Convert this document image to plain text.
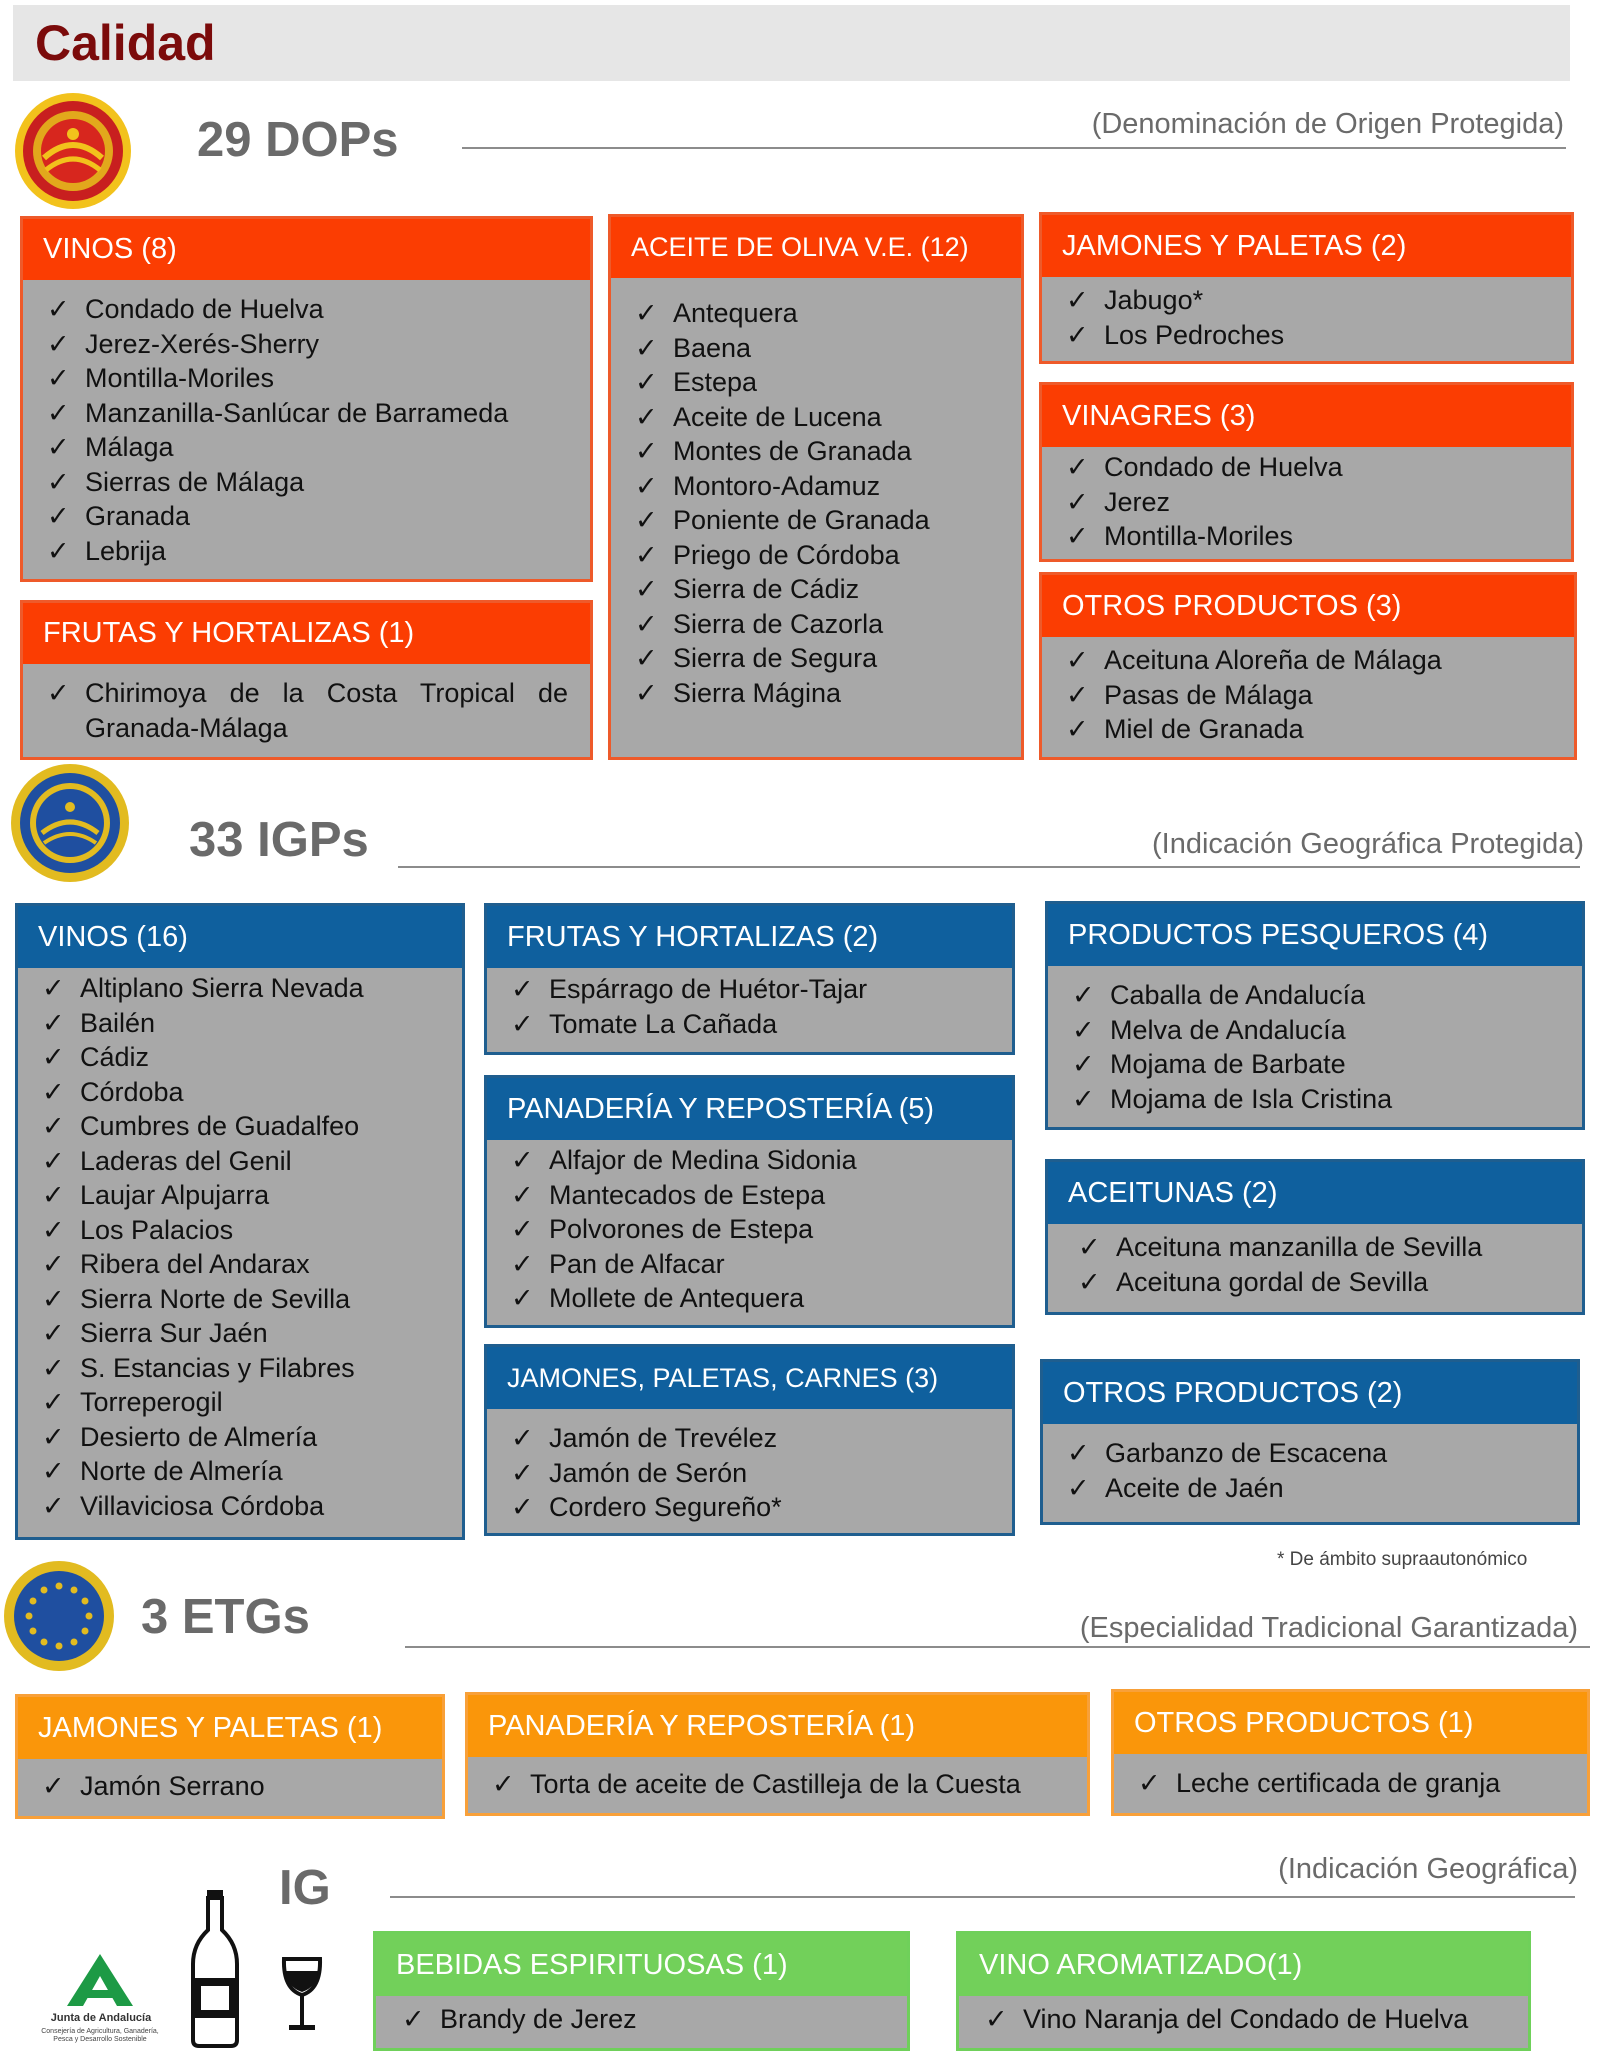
Calidad
29 DOPs	(Denominación de Origen Protegida)
VINOS (8)
✓ Condado de Huelva
✓ Jerez-Xerés-Sherry
✓ Montilla-Moriles
✓ Manzanilla-Sanlúcar de Barrameda
✓ Málaga
✓ Sierras de Málaga
✓ Granada
✓ Lebrija
FRUTAS Y HORTALIZAS (1)
✓ Chirimoya de la Costa Tropical de Granada-Málaga
ACEITE DE OLIVA V.E. (12)
✓ Antequera
✓ Baena
✓ Estepa
✓ Aceite de Lucena
✓ Montes de Granada
✓ Montoro-Adamuz
✓ Poniente de Granada
✓ Priego de Córdoba
✓ Sierra de Cádiz
✓ Sierra de Cazorla
✓ Sierra de Segura
✓ Sierra Mágina
JAMONES Y PALETAS (2)
✓ Jabugo*
✓ Los Pedroches
VINAGRES (3)
✓ Condado de Huelva
✓ Jerez
✓ Montilla-Moriles
OTROS PRODUCTOS (3)
✓ Aceituna Aloreña de Málaga
✓ Pasas de Málaga
✓ Miel de Granada
33 IGPs	(Indicación Geográfica Protegida)
VINOS (16)
✓ Altiplano Sierra Nevada
✓ Bailén
✓ Cádiz
✓ Córdoba
✓ Cumbres de Guadalfeo
✓ Laderas del Genil
✓ Laujar Alpujarra
✓ Los Palacios
✓ Ribera del Andarax
✓ Sierra Norte de Sevilla
✓ Sierra Sur Jaén
✓ S. Estancias y Filabres
✓ Torreperogil
✓ Desierto de Almería
✓ Norte de Almería
✓ Villaviciosa Córdoba
FRUTAS Y HORTALIZAS (2)
✓ Espárrago de Huétor-Tajar
✓ Tomate La Cañada
PANADERÍA Y REPOSTERÍA (5)
✓ Alfajor de Medina Sidonia
✓ Mantecados de Estepa
✓ Polvorones de Estepa
✓ Pan de Alfacar
✓ Mollete de Antequera
JAMONES, PALETAS, CARNES (3)
✓ Jamón de Trevélez
✓ Jamón de Serón
✓ Cordero Segureño*
PRODUCTOS PESQUEROS (4)
✓ Caballa de Andalucía
✓ Melva de Andalucía
✓ Mojama de Barbate
✓ Mojama de Isla Cristina
ACEITUNAS (2)
✓ Aceituna manzanilla de Sevilla
✓ Aceituna gordal de Sevilla
OTROS PRODUCTOS (2)
✓ Garbanzo de Escacena
✓ Aceite de Jaén
* De ámbito supraautonómico
3 ETGs	(Especialidad Tradicional Garantizada)
JAMONES Y PALETAS (1)
✓ Jamón Serrano
PANADERÍA Y REPOSTERÍA (1)
✓ Torta de aceite de Castilleja de la Cuesta
OTROS PRODUCTOS (1)
✓ Leche certificada de granja
IG	(Indicación Geográfica)
Junta de Andalucía
Consejería de Agricultura, Ganadería, Pesca y Desarrollo Sostenible
BEBIDAS ESPIRITUOSAS (1)
✓ Brandy de Jerez
VINO AROMATIZADO(1)
✓ Vino Naranja del Condado de Huelva
